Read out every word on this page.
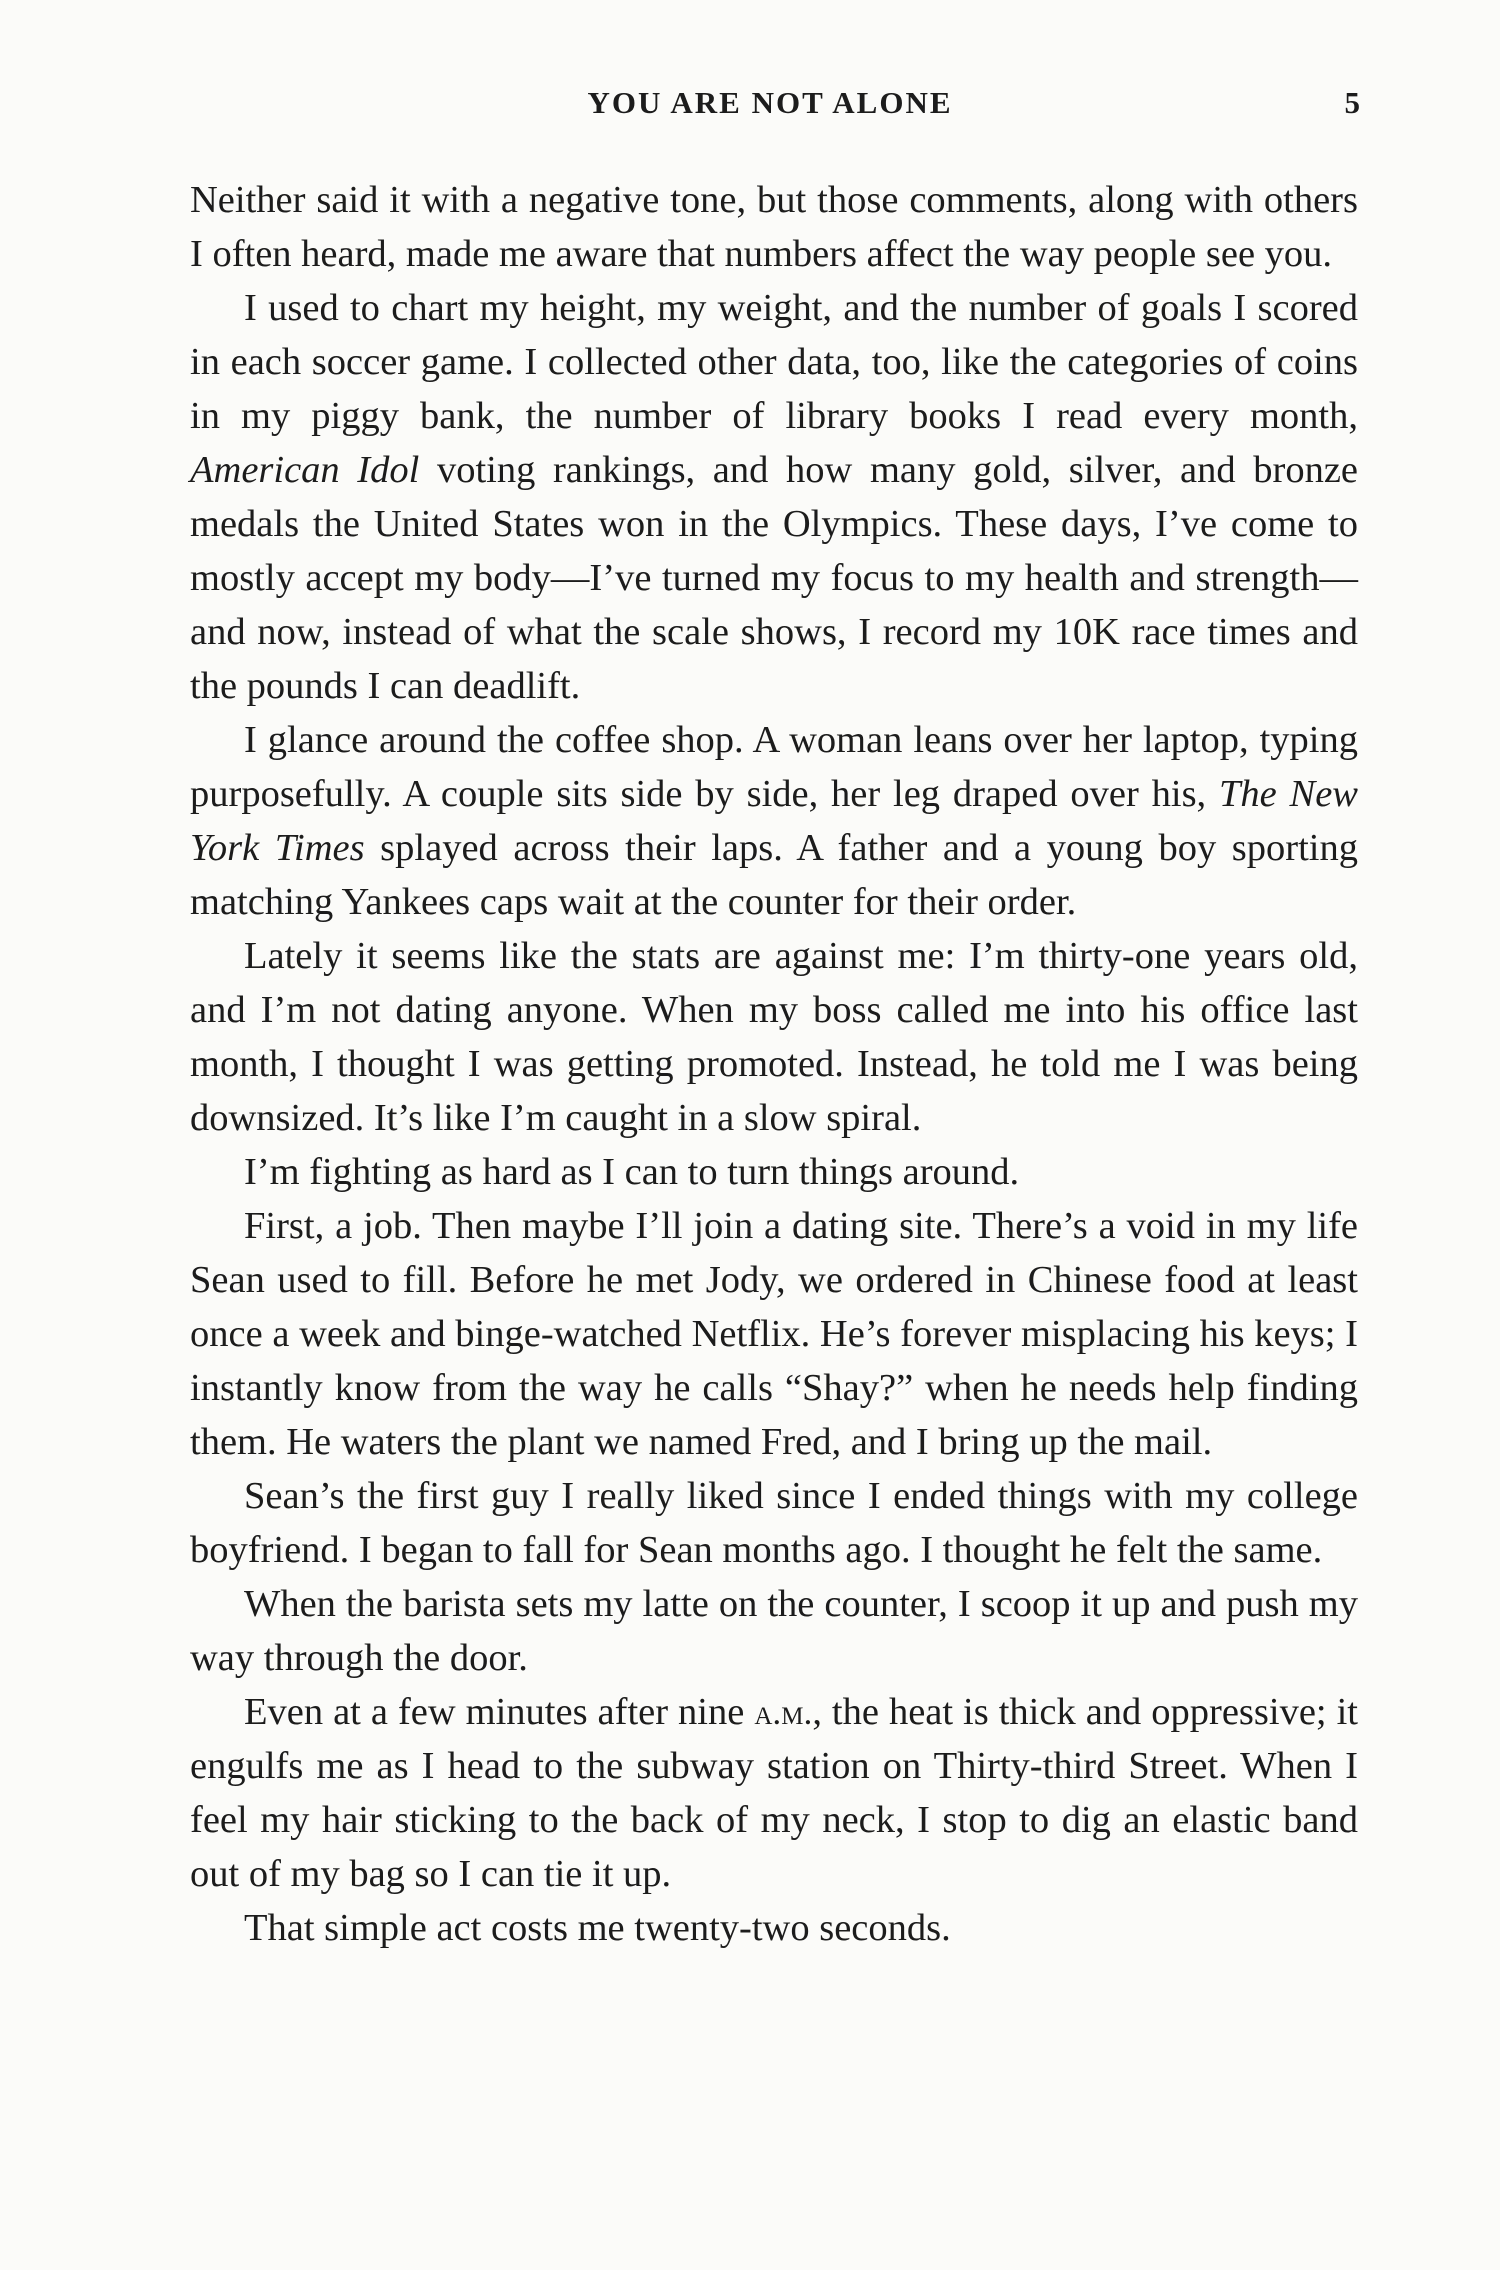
YOU ARE NOT ALONE	5

Neither said it with a negative tone, but those comments, along with others I often heard, made me aware that numbers affect the way people see you.

I used to chart my height, my weight, and the number of goals I scored in each soccer game. I collected other data, too, like the categories of coins in my piggy bank, the number of library books I read every month, American Idol voting rankings, and how many gold, silver, and bronze medals the United States won in the Olympics. These days, I’ve come to mostly accept my body—I’ve turned my focus to my health and strength—and now, instead of what the scale shows, I record my 10K race times and the pounds I can deadlift.

I glance around the coffee shop. A woman leans over her laptop, typing purposefully. A couple sits side by side, her leg draped over his, The New York Times splayed across their laps. A father and a young boy sporting matching Yankees caps wait at the counter for their order.

Lately it seems like the stats are against me: I’m thirty-one years old, and I’m not dating anyone. When my boss called me into his office last month, I thought I was getting promoted. Instead, he told me I was being downsized. It’s like I’m caught in a slow spiral.

I’m fighting as hard as I can to turn things around.

First, a job. Then maybe I’ll join a dating site. There’s a void in my life Sean used to fill. Before he met Jody, we ordered in Chinese food at least once a week and binge-watched Netflix. He’s forever misplacing his keys; I instantly know from the way he calls “Shay?” when he needs help finding them. He waters the plant we named Fred, and I bring up the mail.

Sean’s the first guy I really liked since I ended things with my college boyfriend. I began to fall for Sean months ago. I thought he felt the same.

When the barista sets my latte on the counter, I scoop it up and push my way through the door.

Even at a few minutes after nine a.m., the heat is thick and oppressive; it engulfs me as I head to the subway station on Thirty-third Street. When I feel my hair sticking to the back of my neck, I stop to dig an elastic band out of my bag so I can tie it up.

That simple act costs me twenty-two seconds.
